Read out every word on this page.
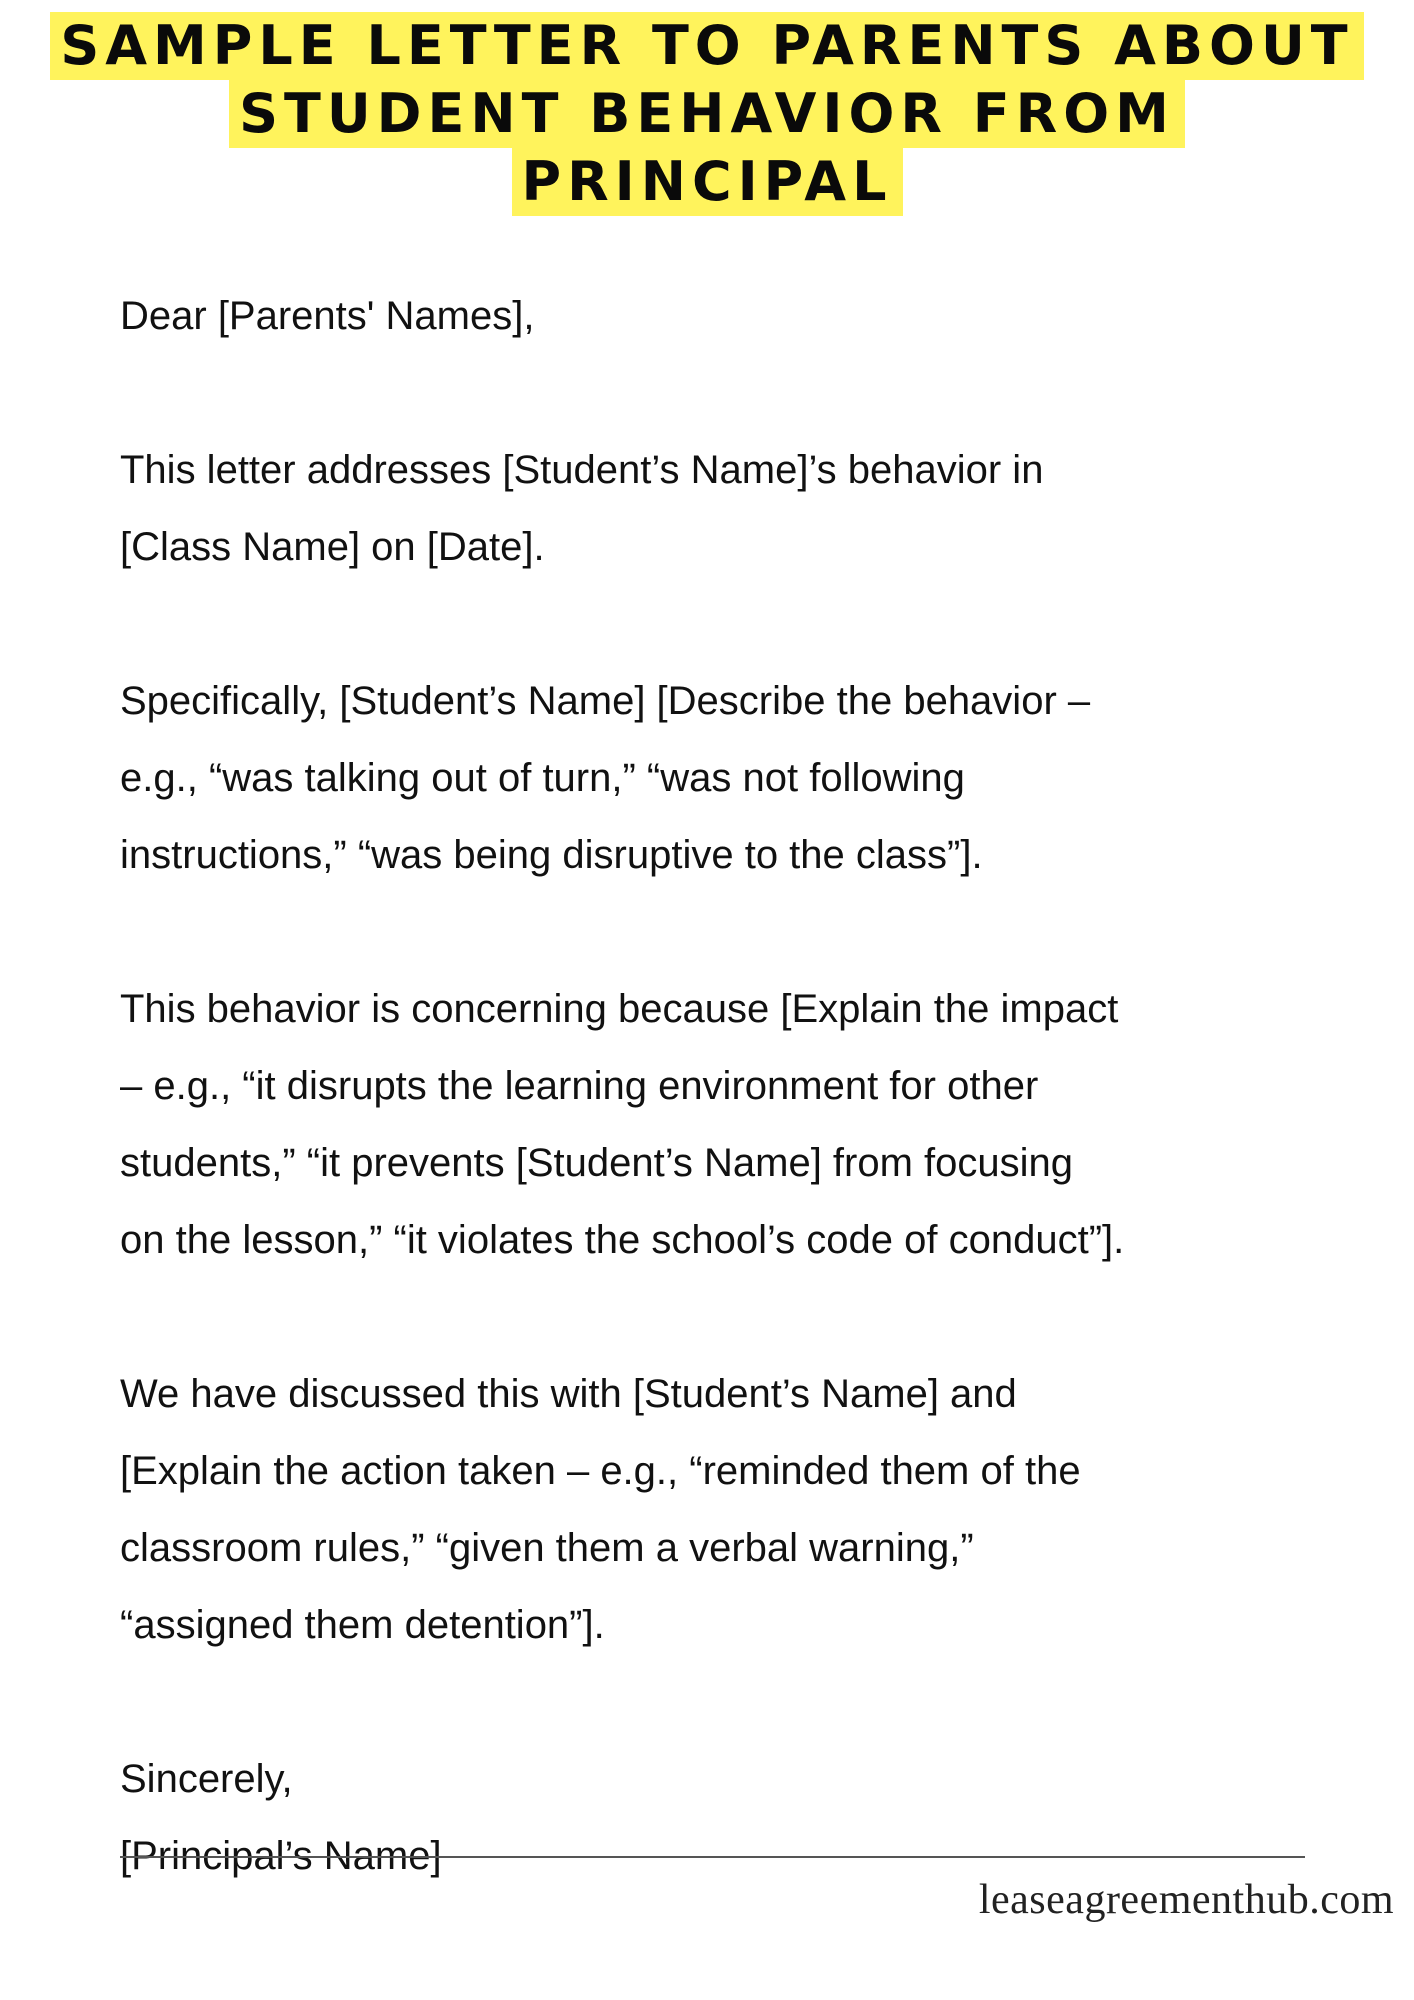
SAMPLE LETTER TO PARENTS ABOUT
STUDENT BEHAVIOR FROM
PRINCIPAL

Dear [Parents' Names],

This letter addresses [Student’s Name]’s behavior in
[Class Name] on [Date].

Specifically, [Student’s Name] [Describe the behavior –
e.g., “was talking out of turn,” “was not following
instructions,” “was being disruptive to the class”].

This behavior is concerning because [Explain the impact
– e.g., “it disrupts the learning environment for other
students,” “it prevents [Student’s Name] from focusing
on the lesson,” “it violates the school’s code of conduct”].

We have discussed this with [Student’s Name] and
[Explain the action taken – e.g., “reminded them of the
classroom rules,” “given them a verbal warning,”
“assigned them detention”].

Sincerely,
[Principal’s Name]

leaseagreementhub.com
